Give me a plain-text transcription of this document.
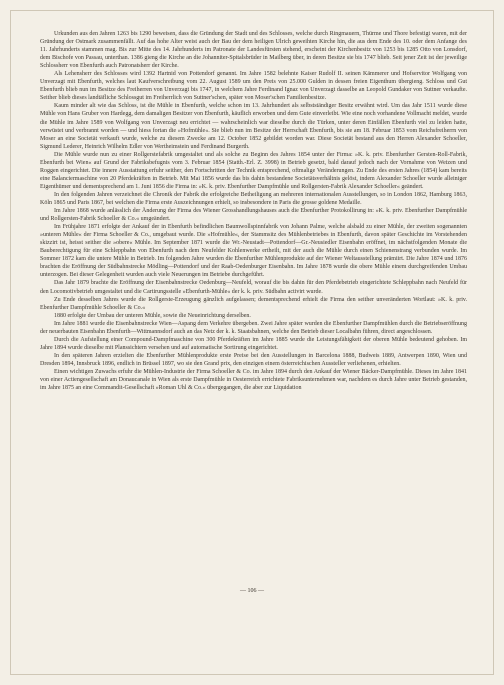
Urkunden aus den Jahren 1263 bis 1290 beweisen, dass die Gründung der Stadt und des Schlosses, welche durch Ringmauern, Thürme und Thore befestigt waren, mit der Gründung der Ostmark zusammenfällt. Auf das hohe Alter weist auch der Bau der dem heiligen Ulrich geweihten Kirche hin, die aus dem Ende des 10. oder dem Anfange des 11. Jahrhunderts stammen mag. Bis zur Mitte des 14. Jahrhunderts im Patronate der Landesfürsten stehend, erscheint der Kirchenbesitz von 1253 bis 1285 Otto von Lonsdorf, dem Bischofe von Passau, unterthan. 1386 gieng die Kirche an die Johanniter-Spitalsbrüder in Mailberg über, in deren Besitze sie bis 1747 blieb. Seit jener Zeit ist der jeweilige Schlossherr von Ebenfurth auch Patronatsherr der Kirche.

Als Lehensherr des Schlosses wird 1392 Hartnid von Pottendorf genannt. Im Jahre 1582 belehnte Kaiser Rudolf II. seinen Kämmerer und Hofservitor Wolfgang von Unverzagt mit Ebenfurth, welches laut Kaufverschreibung vom 22. August 1589 um den Preis von 25.000 Gulden in dessen freien Eigenthum übergieng. Schloss und Gut Ebenfurth blieb nun im Besitze des Freiherren von Unverzagt bis 1747, in welchem Jahre Ferdinand Ignaz von Unverzagt dasselbe an Leopold Gundaker von Suttner verkaufte. Seither blieb dieses landtäfliche Schlossgut im Freiherrlich von Suttner'schen, später von Moser'schen Familienbesitze.

Kaum minder alt wie das Schloss, ist die Mühle in Ebenfurth, welche schon im 13. Jahrhundert als selbstständiger Besitz erwähnt wird. Um das Jahr 1511 wurde diese Mühle von Hans Gruber von Hardegg, dem damaligen Besitzer von Ebenfurth, käuflich erworben und dem Gute einverleibt. Wie eine noch vorhandene Vollmacht meldet, wurde die Mühle im Jahre 1589 von Wolfgang von Unverzagt neu errichtet — wahrscheinlich war dieselbe durch die Türken, unter deren Einfällen Ebenfurth viel zu leiden hatte, verwüstet und verbrannt worden — und hiess fortan die »Hofmühle«. Sie blieb nun im Besitze der Herrschaft Ebenfurth, bis sie am 18. Februar 1853 vom Reichsfreiherrn von Moser an eine Societät verkauft wurde, welche zu diesem Zwecke am 12. October 1852 gebildet worden war. Diese Societät bestand aus den Herren Alexander Schoeller, Sigmund Lederer, Heinrich Wilhelm Edler von Wertheimstein und Ferdinand Burgerth.

Die Mühle wurde nun zu einer Rollgerstefabrik umgestaltet und als solche zu Beginn des Jahres 1854 unter der Firma: »K. k. priv. Ebenfurther Gersten-Roll-Fabrik, Ebenfurth bei Wien« auf Grund der Fabriksbefugnis vom 3. Februar 1854 (Statth.-Erl. Z. 3998) in Betrieb gesetzt, bald darauf jedoch nach der Vornahme von Weizen und Roggen eingerichtet. Die innere Ausstattung erfuhr seither, den Fortschritten der Technik entsprechend, oftmalige Veränderungen. Zu Ende des ersten Jahres (1854) kam bereits eine Balanciermaschine von 20 Pferdekräften in Betrieb. Mit Mai 1856 wurde das bis dahin bestandene Societätsverhältnis gelöst, indem Alexander Schoeller wurde alleiniger Eigenthümer und dementsprechend am 1. Juni 1856 die Firma in: »K. k. priv. Ebenfurther Dampfmühle und Rollgersten-Fabrik Alexander Schoeller« geändert.

In den folgenden Jahren verzeichnet die Chronik der Fabrik die erfolgreiche Betheiligung an mehreren internationalen Ausstellungen, so in London 1862, Hamburg 1863, Köln 1865 und Paris 1867, bei welchen die Firma erste Auszeichnungen erhielt, so insbesondere in Paris die grosse goldene Medaille.

Im Jahre 1868 wurde anlässlich der Änderung der Firma des Wiener Grosshandlungshauses auch die Ebenfurther Protokollirung in: »K. k. priv. Ebenfurther Dampfmühle und Rollgersten-Fabrik Schoeller & Co.« umgeändert.

Im Frühjahre 1871 erfolgte der Ankauf der in Ebenfurth befindlichen Baumwollspinnfabrik von Johann Palme, welche alsbald zu einer Mühle, der zweiten sogenannten »unteren Mühle« der Firma Schoeller & Co., umgebaut wurde. Die »Hofmühle«, der Stammsitz des Mühlenbetriebes in Ebenfurth, davon später Geschichte im Vorstehenden skizzirt ist, heisst seither die »obere« Mühle. Im September 1871 wurde die Wr.-Neustadt—Pottendorf—Gr.-Neusiedler Eisenbahn eröffnet, im nächstfolgenden Monate die Bauberechtigung für eine Schleppbahn von Ebenfurth nach dem Neufelder Kohlenwerke ertheilt, mit der auch die Mühle durch einen Schienenstrang verbunden wurde. Im Sommer 1872 kam die untere Mühle in Betrieb. Im folgenden Jahre wurden die Ebenfurther Mühlenprodukte auf der Wiener Weltausstellung prämiirt. Die Jahre 1874 und 1876 brachten die Eröffnung der Südbahnstrecke Mödling—Pottendorf und der Raab-Oedenburger Eisenbahn. Im Jahre 1878 wurde die obere Mühle einem durchgreifenden Umbau unterzogen. Bei dieser Gelegenheit wurden auch viele Neuerungen im Betriebe durchgeführt.

Das Jahr 1879 brachte die Eröffnung der Eisenbahnstrecke Oedenburg—Neufeld, worauf die bis dahin für den Pferdebetrieb eingerichtete Schleppbahn nach Neufeld für den Locomotivbetrieb umgestaltet und die Cartirungsstelle »Ebenfurth-Mühle« der k. k. priv. Südbahn activirt wurde.

Zu Ende desselben Jahres wurde die Rollgerste-Erzeugung gänzlich aufgelassen; dementsprechend erhielt die Firma den seither unveränderten Wortlaut: »K. k. priv. Ebenfurther Dampfmühle Schoeller & Co.«

1880 erfolgte der Umbau der unteren Mühle, sowie die Neueinrichtung derselben.

Im Jahre 1881 wurde die Eisenbahnstrecke Wien—Aspang dem Verkehre übergeben. Zwei Jahre später wurden die Ebenfurther Dampfmühlen durch die Betriebseröffnung der neuerbauten Eisenbahn Ebenfurth—Wittmannsdorf auch an das Netz der k. k. Staatsbahnen, welche den Betrieb dieser Localbahn führen, direct angeschlossen.

Durch die Aufstellung einer Compound-Dampfmaschine von 300 Pferdekräften im Jahre 1885 wurde die Leistungsfähigkeit der oberen Mühle bedeutend gehoben. Im Jahre 1894 wurde dieselbe mit Planssichtern versehen und auf automatische Sortirung eingerichtet.

In den späteren Jahren erzielten die Ebenfurther Mühlenprodukte erste Preise bei den Ausstellungen in Barcelona 1888, Budweis 1889, Antwerpen 1890, Wien und Dresden 1894, Innsbruck 1896, endlich in Brüssel 1897, wo sie den Grand prix, den einzigen einem österreichischen Aussteller verliehenen, erhielten.

Einen wichtigen Zuwachs erfuhr die Mühlen-Industrie der Firma Schoeller & Co. im Jahre 1894 durch den Ankauf der Wiener Bäcker-Dampfmühle. Dieses im Jahre 1841 von einer Actiengesellschaft am Donaucanale in Wien als erste Dampfmühle in Oesterreich errichtete Fabriksunternehmen war, nachdem es durch Jahre unter Betrieb gestanden, im Jahre 1875 an eine Commandit-Gesellschaft »Roman Uhl & Co.« übergegangen, die aber zur Liquidation

— 106 —
